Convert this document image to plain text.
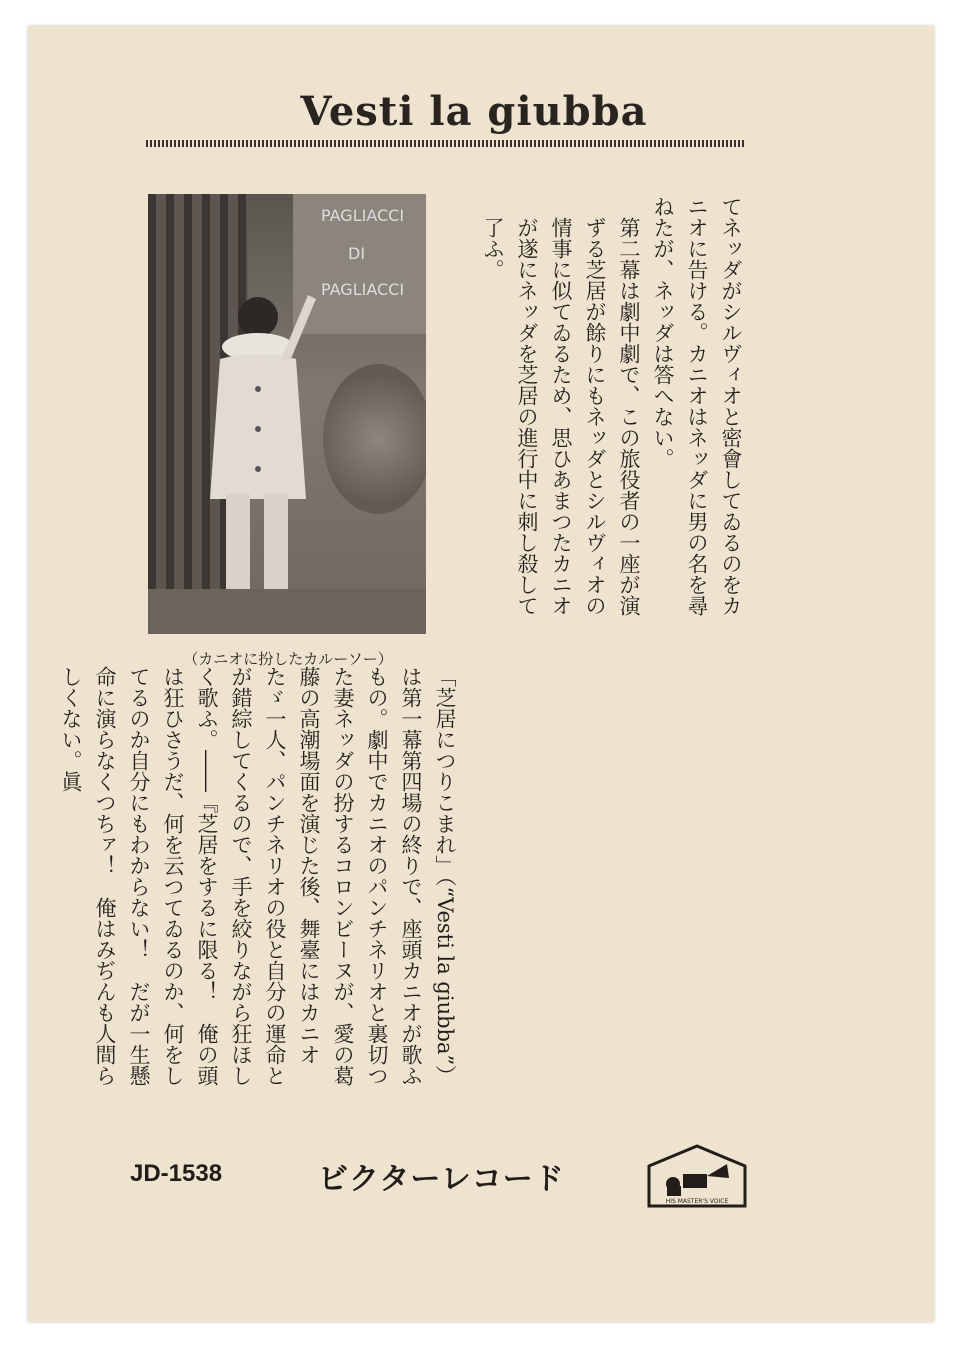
Vesti la giubba
PAGLIACCI
DI
PAGLIACCI
（カニオに扮したカルーソー）

てネッダがシルヴィオと密會してゐるのをカニオに告ける。カニオはネッダに男の名を尋ねたが、ネッダは答へない。

第二幕は劇中劇で、この旅役者の一座が演ずる芝居が餘りにもネッダとシルヴィオの情事に似てゐるため、思ひあまつたカニオが遂にネッダを芝居の進行中に刺し殺して了ふ。

「芝居につりこまれ」（“Vesti la giubba”）は第一幕第四場の終りで、座頭カニオが歌ふもの。劇中でカニオのパンチネリオと裏切つた妻ネッダの扮するコロンビーヌが、愛の葛藤の高潮場面を演じた後、舞臺にはカニオたゞ一人、パンチネリオの役と自分の運命とが錯綜してくるので、手を絞りながら狂ほしく歌ふ。――『芝居をするに限る！　俺の頭は狂ひさうだ、何を云つてゐるのか、何をしてるのか自分にもわからない！　だが一生懸命に演らなくつちァ！　俺はみぢんも人間らしくない。眞

JD-1538	ビクターレコード
HIS MASTER'S VOICE
